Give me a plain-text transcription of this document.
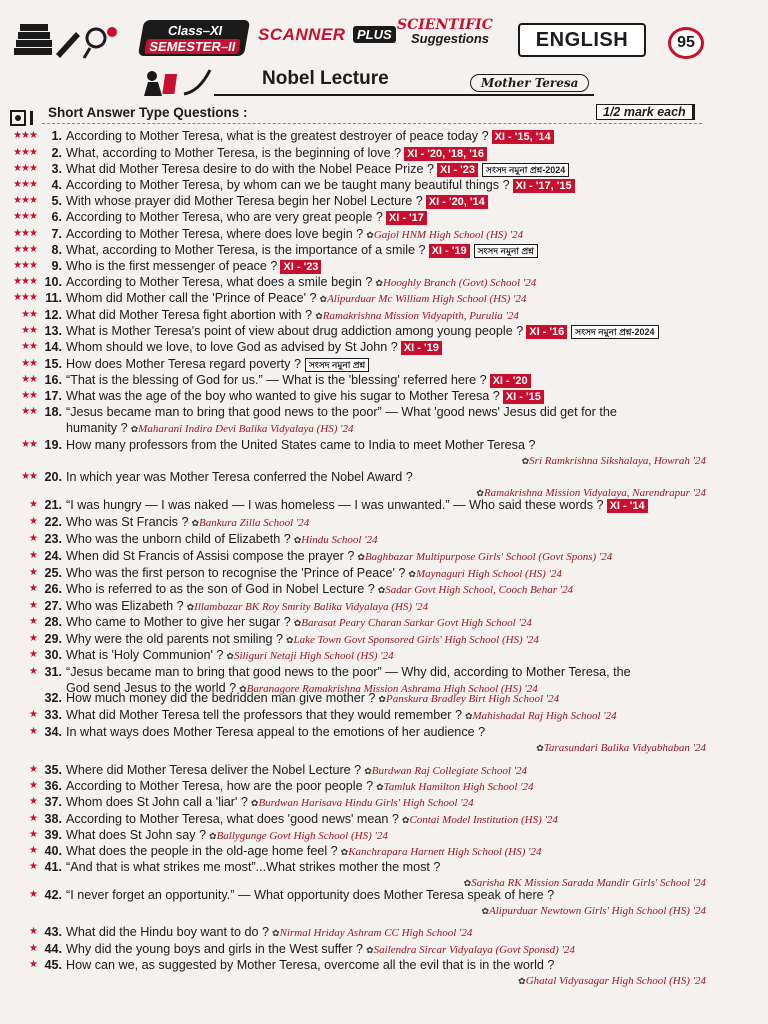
Class–XI
SEMESTER–II
SCANNER PLUS
SCIENTIFIC
Suggestions	ENGLISH	95
Nobel Lecture	Mother Teresa
Short Answer Type Questions :	1/2 mark each
★★★	1. According to Mother Teresa, what is the greatest destroyer of peace today ? XI - '15, '14
★★★	2. What, according to Mother Teresa, is the beginning of love ? XI - '20, '18, '16
★★★	3. What did Mother Teresa desire to do with the Nobel Peace Prize ? XI - '23 সংসদ নমুনা প্রশ্ন-2024
★★★	4. According to Mother Teresa, by whom can we be taught many beautiful things ? XI - '17, '15
★★★	5. With whose prayer did Mother Teresa begin her Nobel Lecture ? XI - '20, '14
★★★	6. According to Mother Teresa, who are very great people ? XI - '17
★★★	7. According to Mother Teresa, where does love begin ? ✿ Gajol HNM High School (HS) '24
★★★	8. What, according to Mother Teresa, is the importance of a smile ? XI - '19 সংসদ নমুনা প্রশ্ন
★★★	9. Who is the first messenger of peace ? XI - '23
★★★ 10. According to Mother Teresa, what does a smile begin ? ✿ Hooghly Branch (Govt) School '24
★★★ 11. Whom did Mother call the 'Prince of Peace' ? ✿ Alipurduar Mc William High School (HS) '24
★★ 12. What did Mother Teresa fight abortion with ? ✿ Ramakrishna Mission Vidyapith, Purulia '24
★★ 13. What is Mother Teresa's point of view about drug addiction among young people ? XI - '16 সংসদ নমুনা প্রশ্ন-2024
★★ 14. Whom should we love, to love God as advised by St John ? XI - '19
★★ 15. How does Mother Teresa regard poverty ? সংসদ নমুনা প্রশ্ন
★★ 16. “That is the blessing of God for us.” — What is the 'blessing' referred here ? XI - '20
★★ 17. What was the age of the boy who wanted to give his sugar to Mother Teresa ? XI - '15
★★ 18. “Jesus became man to bring that good news to the poor” — What 'good news' Jesus did get for the
humanity ? ✿ Maharani Indira Devi Balika Vidyalaya (HS) '24
★★ 19. How many professors from the United States came to India to meet Mother Teresa ?
✿ Sri Ramkrishna Sikshalaya, Howrah '24
★★ 20. In which year was Mother Teresa conferred the Nobel Award ?
✿ Ramakrishna Mission Vidyalaya, Narendrapur '24
★ 21. “I was hungry — I was naked — I was homeless — I was unwanted.” — Who said these words ? XI - '14
★ 22. Who was St Francis ? ✿ Bankura Zilla School '24
★ 23. Who was the unborn child of Elizabeth ? ✿ Hindu School '24
★ 24. When did St Francis of Assisi compose the prayer ? ✿ Baghbazar Multipurpose Girls' School (Govt Spons) '24
★ 25. Who was the first person to recognise the 'Prince of Peace' ? ✿ Maynaguri High School (HS) '24
★ 26. Who is referred to as the son of God in Nobel Lecture ? ✿ Sadar Govt High School, Cooch Behar '24
★ 27. Who was Elizabeth ? ✿ Illambazar BK Roy Smrity Balika Vidyalaya (HS) '24
★ 28. Who came to Mother to give her sugar ? ✿ Barasat Peary Charan Sarkar Govt High School '24
★ 29. Why were the old parents not smiling ? ✿ Lake Town Govt Sponsored Girls' High School (HS) '24
★ 30. What is 'Holy Communion' ? ✿ Siliguri Netaji High School (HS) '24
★ 31. “Jesus became man to bring that good news to the poor” — Why did, according to Mother Teresa, the
God send Jesus to the world ? ✿ Baranagore Ramakrishna Mission Ashrama High School (HS) '24
32. How much money did the bedridden man give mother ? ✿ Panskura Bradley Birt High School '24
★ 33. What did Mother Teresa tell the professors that they would remember ? ✿ Mahishadal Raj High School '24
★ 34. In what ways does Mother Teresa appeal to the emotions of her audience ?
✿ Tarasundari Balika Vidyabhaban '24
★ 35. Where did Mother Teresa deliver the Nobel Lecture ? ✿ Burdwan Raj Collegiate School '24
★ 36. According to Mother Teresa, how are the poor people ? ✿ Tamluk Hamilton High School '24
★ 37. Whom does St John call a 'liar' ? ✿ Burdwan Harisava Hindu Girls' High School '24
★ 38. According to Mother Teresa, what does 'good news' mean ? ✿ Contai Model Institution (HS) '24
★ 39. What does St John say ? ✿ Ballygunge Govt High School (HS) '24
★ 40. What does the people in the old-age home feel ? ✿ Kanchrapara Harnett High School (HS) '24
★ 41. “And that is what strikes me most”...What strikes mother the most ?
✿ Sarisha RK Mission Sarada Mandir Girls' School '24
★ 42. “I never forget an opportunity.” — What opportunity does Mother Teresa speak of here ?
✿ Alipurduar Newtown Girls' High School (HS) '24
★ 43. What did the Hindu boy want to do ? ✿ Nirmal Hriday Ashram CC High School '24
★ 44. Why did the young boys and girls in the West suffer ? ✿ Sailendra Sircar Vidyalaya (Govt Sponsd) '24
★ 45. How can we, as suggested by Mother Teresa, overcome all the evil that is in the world ?
✿ Ghatal Vidyasagar High School (HS) '24
